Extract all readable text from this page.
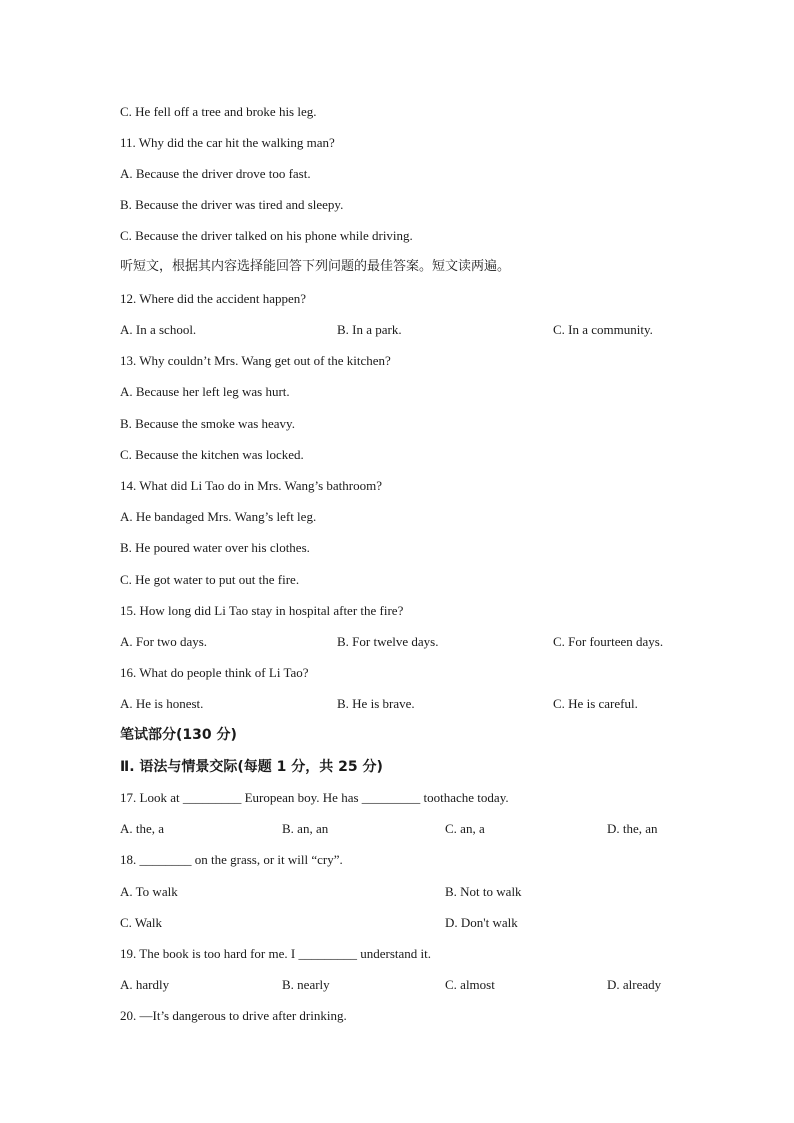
C. He fell off a tree and broke his leg.
11. Why did the car hit the walking man?
A. Because the driver drove too fast.
B. Because the driver was tired and sleepy.
C. Because the driver talked on his phone while driving.
听短文，根据其内容选择能回答下列问题的最佳答案。短文读两遍。
12. Where did the accident happen?
A. In a school.	B. In a park.	C. In a community.
13. Why couldn’t Mrs. Wang get out of the kitchen?
A. Because her left leg was hurt.
B. Because the smoke was heavy.
C. Because the kitchen was locked.
14. What did Li Tao do in Mrs. Wang’s bathroom?
A. He bandaged Mrs. Wang’s left leg.
B. He poured water over his clothes.
C. He got water to put out the fire.
15. How long did Li Tao stay in hospital after the fire?
A. For two days.	B. For twelve days.	C. For fourteen days.
16. What do people think of Li Tao?
A. He is honest.	B. He is brave.	C. He is careful.
笔试部分(130 分)
Ⅱ. 语法与情景交际(每题 1 分，共 25 分)
17. Look at _________ European boy. He has _________ toothache today.
A. the, a	B. an, an	C. an, a	D. the, an
18. ________ on the grass, or it will “cry”.
A. To walk	B. Not to walk
C. Walk	D. Don't walk
19. The book is too hard for me. I _________ understand it.
A. hardly	B. nearly	C. almost	D. already
20. —It’s dangerous to drive after drinking.
